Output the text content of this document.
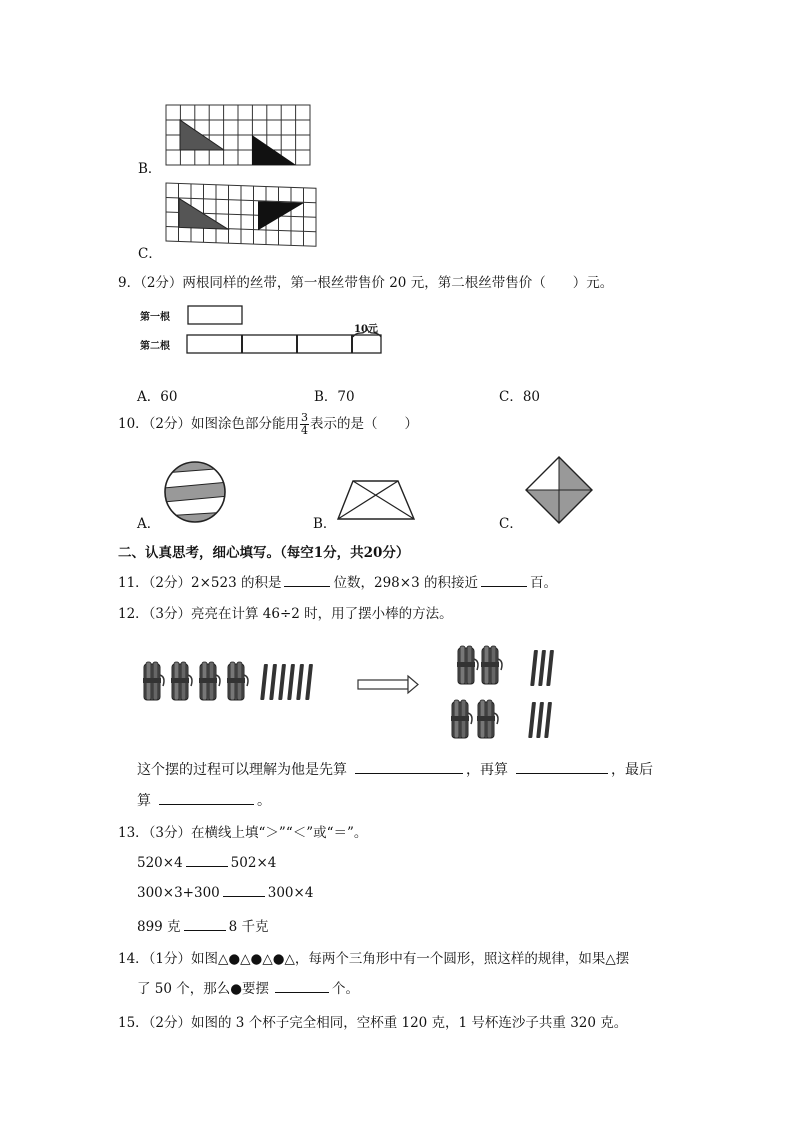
B．
C．
9．（2分）两根同样的丝带，第一根丝带售价 20 元，第二根丝带售价（　　）元。
第一根
第二根
10元
A．60	B．70	C．80
10．（2分）如图涂色部分能用 $\frac{3}{4}$ 表示的是（　　）
A．	B．	C．
二、认真思考，细心填写。（每空1分，共20分）
11．（2分）2×523 的积是	位数，298×3 的积接近	百。
12．（3分）亮亮在计算 46÷2 时，用了摆小棒的方法。
这个摆的过程可以理解为他是先算	，再算	，最后
算	。
13．（3分）在横线上填“＞”“＜”或“＝”。
520×4	502×4
300×3+300	300×4
899 克	8 千克
14．（1分）如图△●△●△●△，每两个三角形中有一个圆形，照这样的规律，如果△摆
了 50 个，那么●要摆	个。
15．（2分）如图的 3 个杯子完全相同，空杯重 120 克，1 号杯连沙子共重 320 克。
